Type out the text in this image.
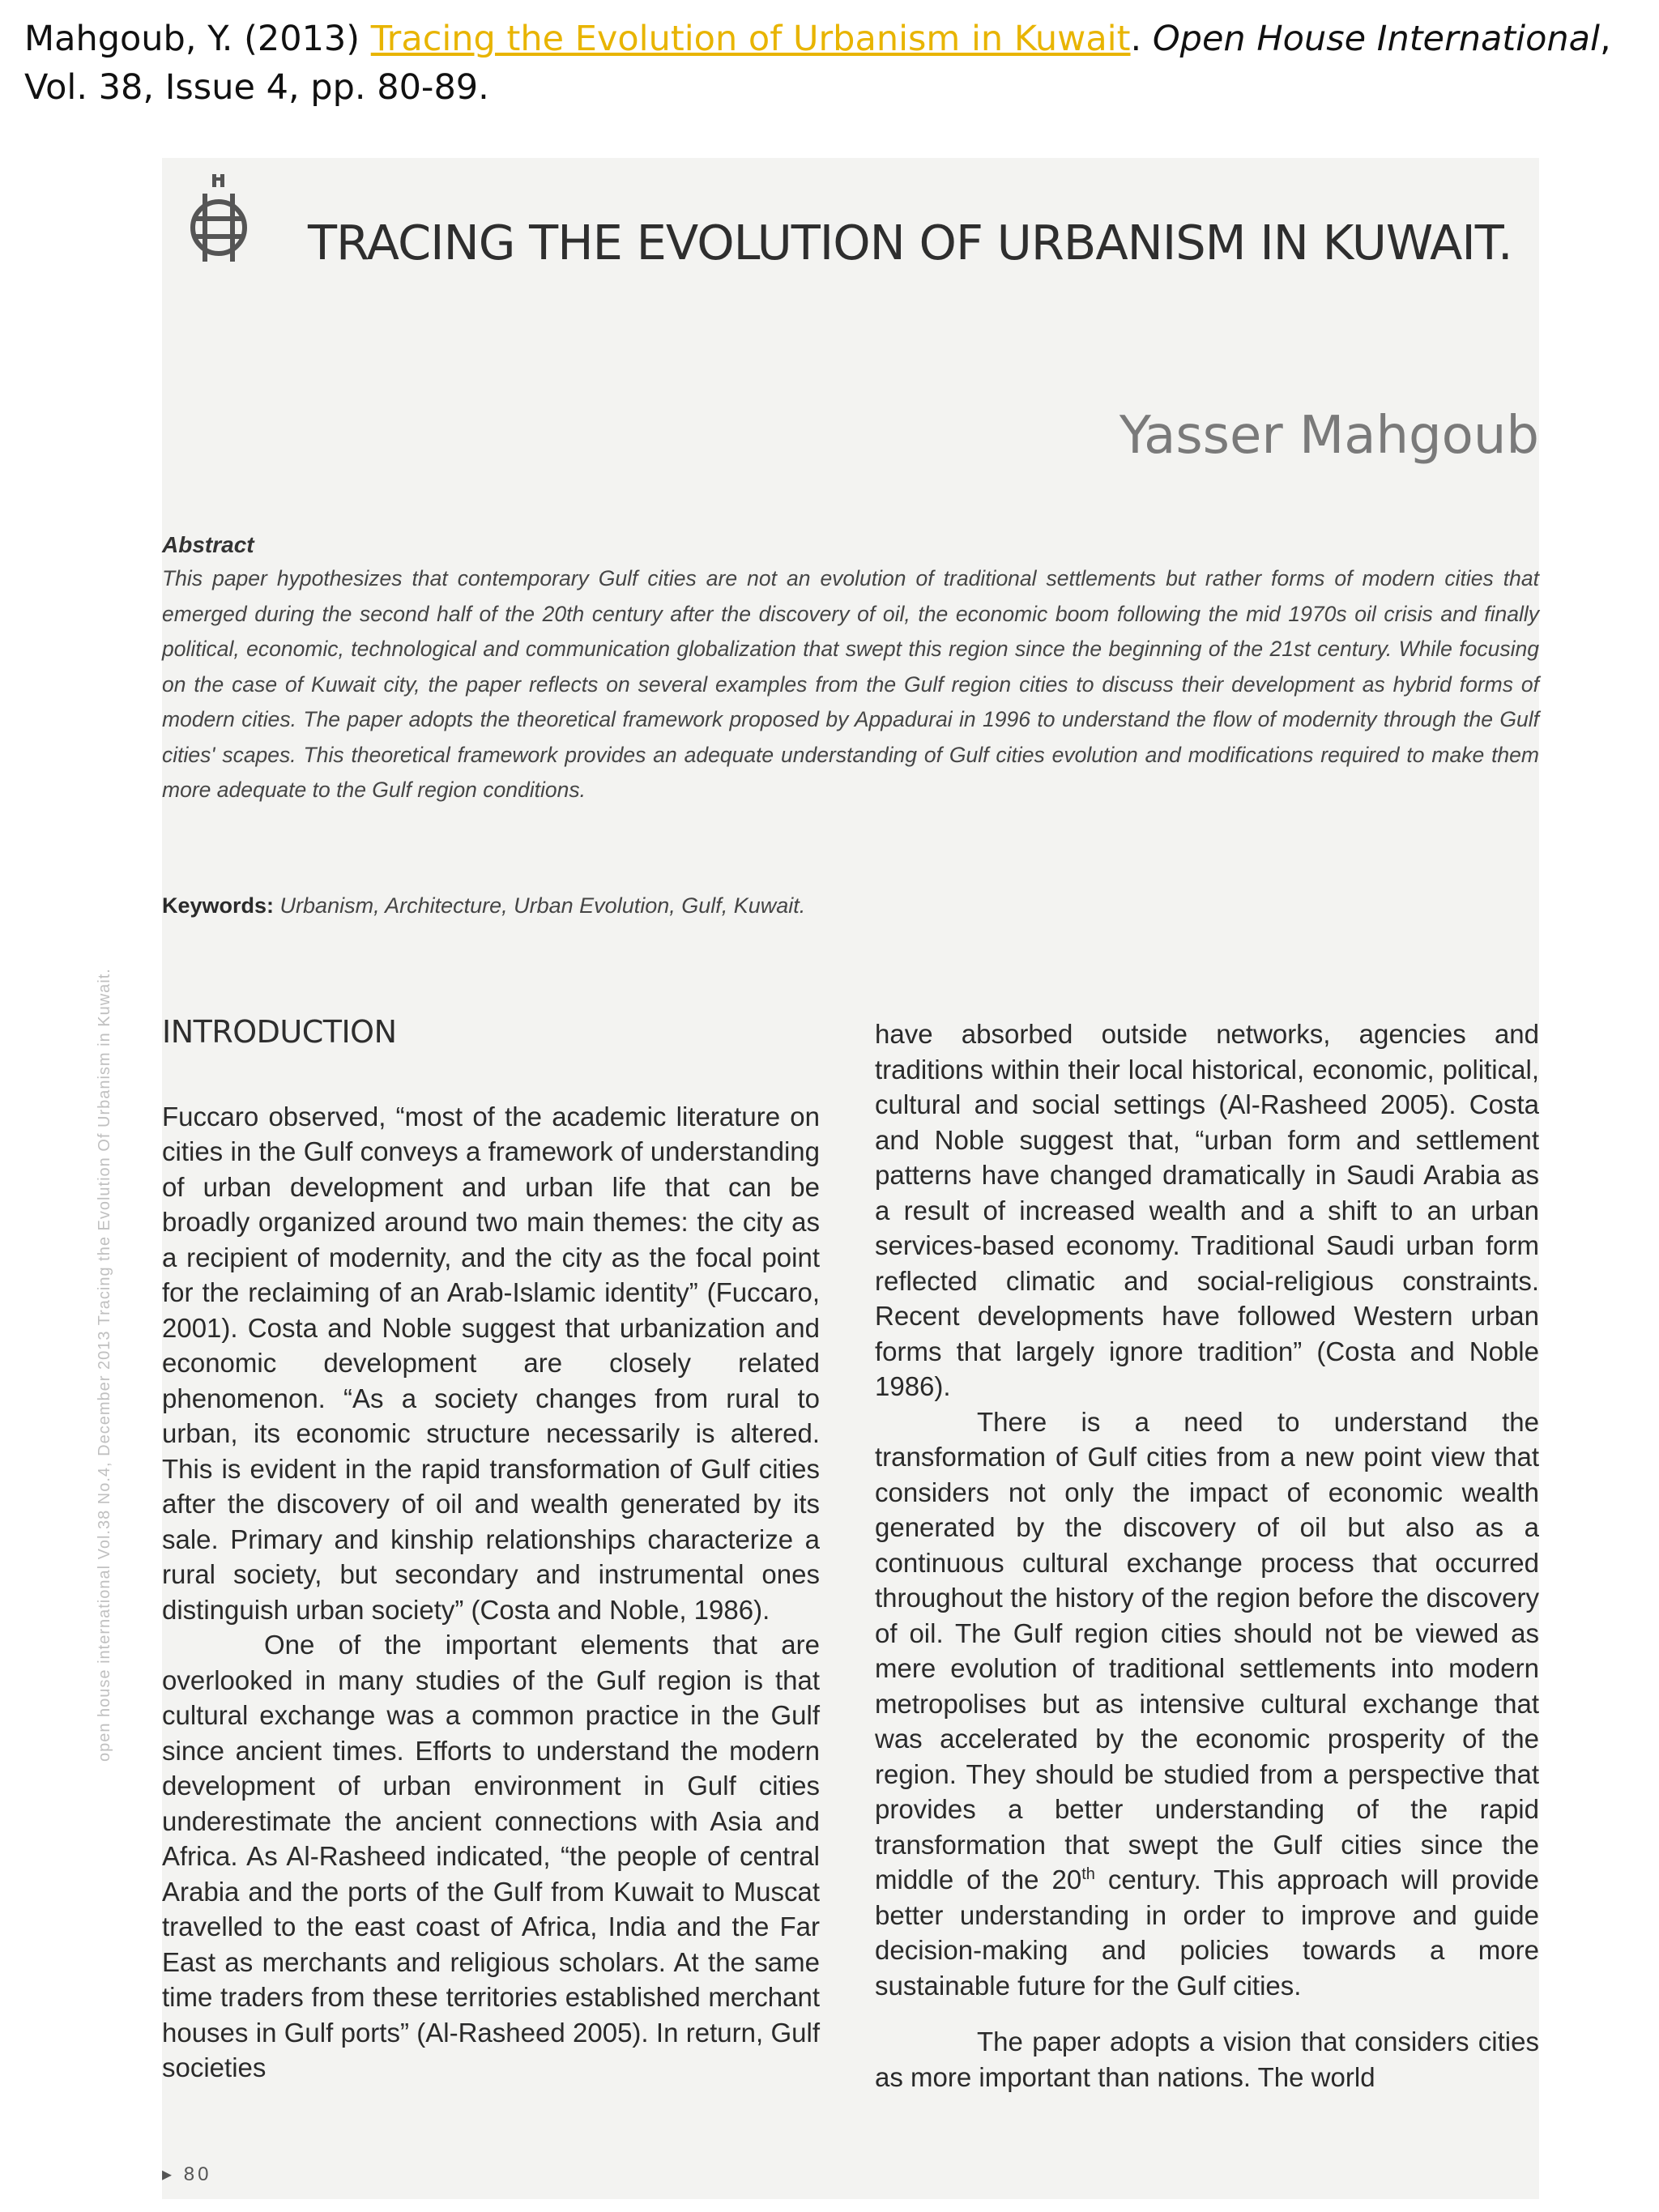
Mahgoub, Y. (2013) Tracing the Evolution of Urbanism in Kuwait. Open House International,
Vol. 38, Issue 4, pp. 80-89.
TRACING THE EVOLUTION OF URBANISM IN KUWAIT.
Yasser Mahgoub
Abstract
This paper hypothesizes that contemporary Gulf cities are not an evolution of traditional settlements but rather forms of modern cities that emerged during the second half of the 20th century after the discovery of oil, the economic boom following the mid 1970s oil crisis and finally political, economic, technological and communication globalization that swept this region since the beginning of the 21st century. While focusing on the case of Kuwait city, the paper reflects on several examples from the Gulf region cities to discuss their development as hybrid forms of modern cities. The paper adopts the theoretical framework proposed by Appadurai in 1996 to understand the flow of modernity through the Gulf cities' scapes. This theoretical framework provides an adequate understanding of Gulf cities evolution and modifications required to make them more adequate to the Gulf region conditions.
Keywords: Urbanism, Architecture, Urban Evolution, Gulf, Kuwait.
open house international Vol.38 No.4, December 2013 Tracing the Evolution Of Urbanism in Kuwait. INTRODUCTION

Fuccaro observed, “most of the academic literature on cities in the Gulf conveys a framework of understanding of urban development and urban life that can be broadly organized around two main themes: the city as a recipient of modernity, and the city as the focal point for the reclaiming of an Arab-Islamic identity” (Fuccaro, 2001). Costa and Noble suggest that urbanization and economic development are closely related phenomenon. “As a society changes from rural to urban, its economic structure necessarily is altered. This is evident in the rapid transformation of Gulf cities after the discovery of oil and wealth generated by its sale. Primary and kinship relationships characterize a rural society, but secondary and instrumental ones distinguish urban society” (Costa and Noble, 1986).

One of the important elements that are overlooked in many studies of the Gulf region is that cultural exchange was a common practice in the Gulf since ancient times. Efforts to understand the modern development of urban environment in Gulf cities underestimate the ancient connections with Asia and Africa. As Al-Rasheed indicated, “the people of central Arabia and the ports of the Gulf from Kuwait to Muscat travelled to the east coast of Africa, India and the Far East as merchants and religious scholars. At the same time traders from these territories established merchant houses in Gulf ports” (Al-Rasheed 2005). In return, Gulf societies

have absorbed outside networks, agencies and traditions within their local historical, economic, political, cultural and social settings (Al-Rasheed 2005). Costa and Noble suggest that, “urban form and settlement patterns have changed dramatically in Saudi Arabia as a result of increased wealth and a shift to an urban services-based economy. Traditional Saudi urban form reflected climatic and social-religious constraints. Recent developments have followed Western urban forms that largely ignore tradition” (Costa and Noble 1986).

There is a need to understand the transformation of Gulf cities from a new point view that considers not only the impact of economic wealth generated by the discovery of oil but also as a continuous cultural exchange process that occurred throughout the history of the region before the discovery of oil. The Gulf region cities should not be viewed as mere evolution of traditional settlements into modern metropolises but as intensive cultural exchange that was accelerated by the economic prosperity of the region. They should be studied from a perspective that provides a better understanding of the rapid transformation that swept the Gulf cities since the middle of the 20th century. This approach will provide better understanding in order to improve and guide decision-making and policies towards a more sustainable future for the Gulf cities.

The paper adopts a vision that considers cities as more important than nations. The world

▸ 80
